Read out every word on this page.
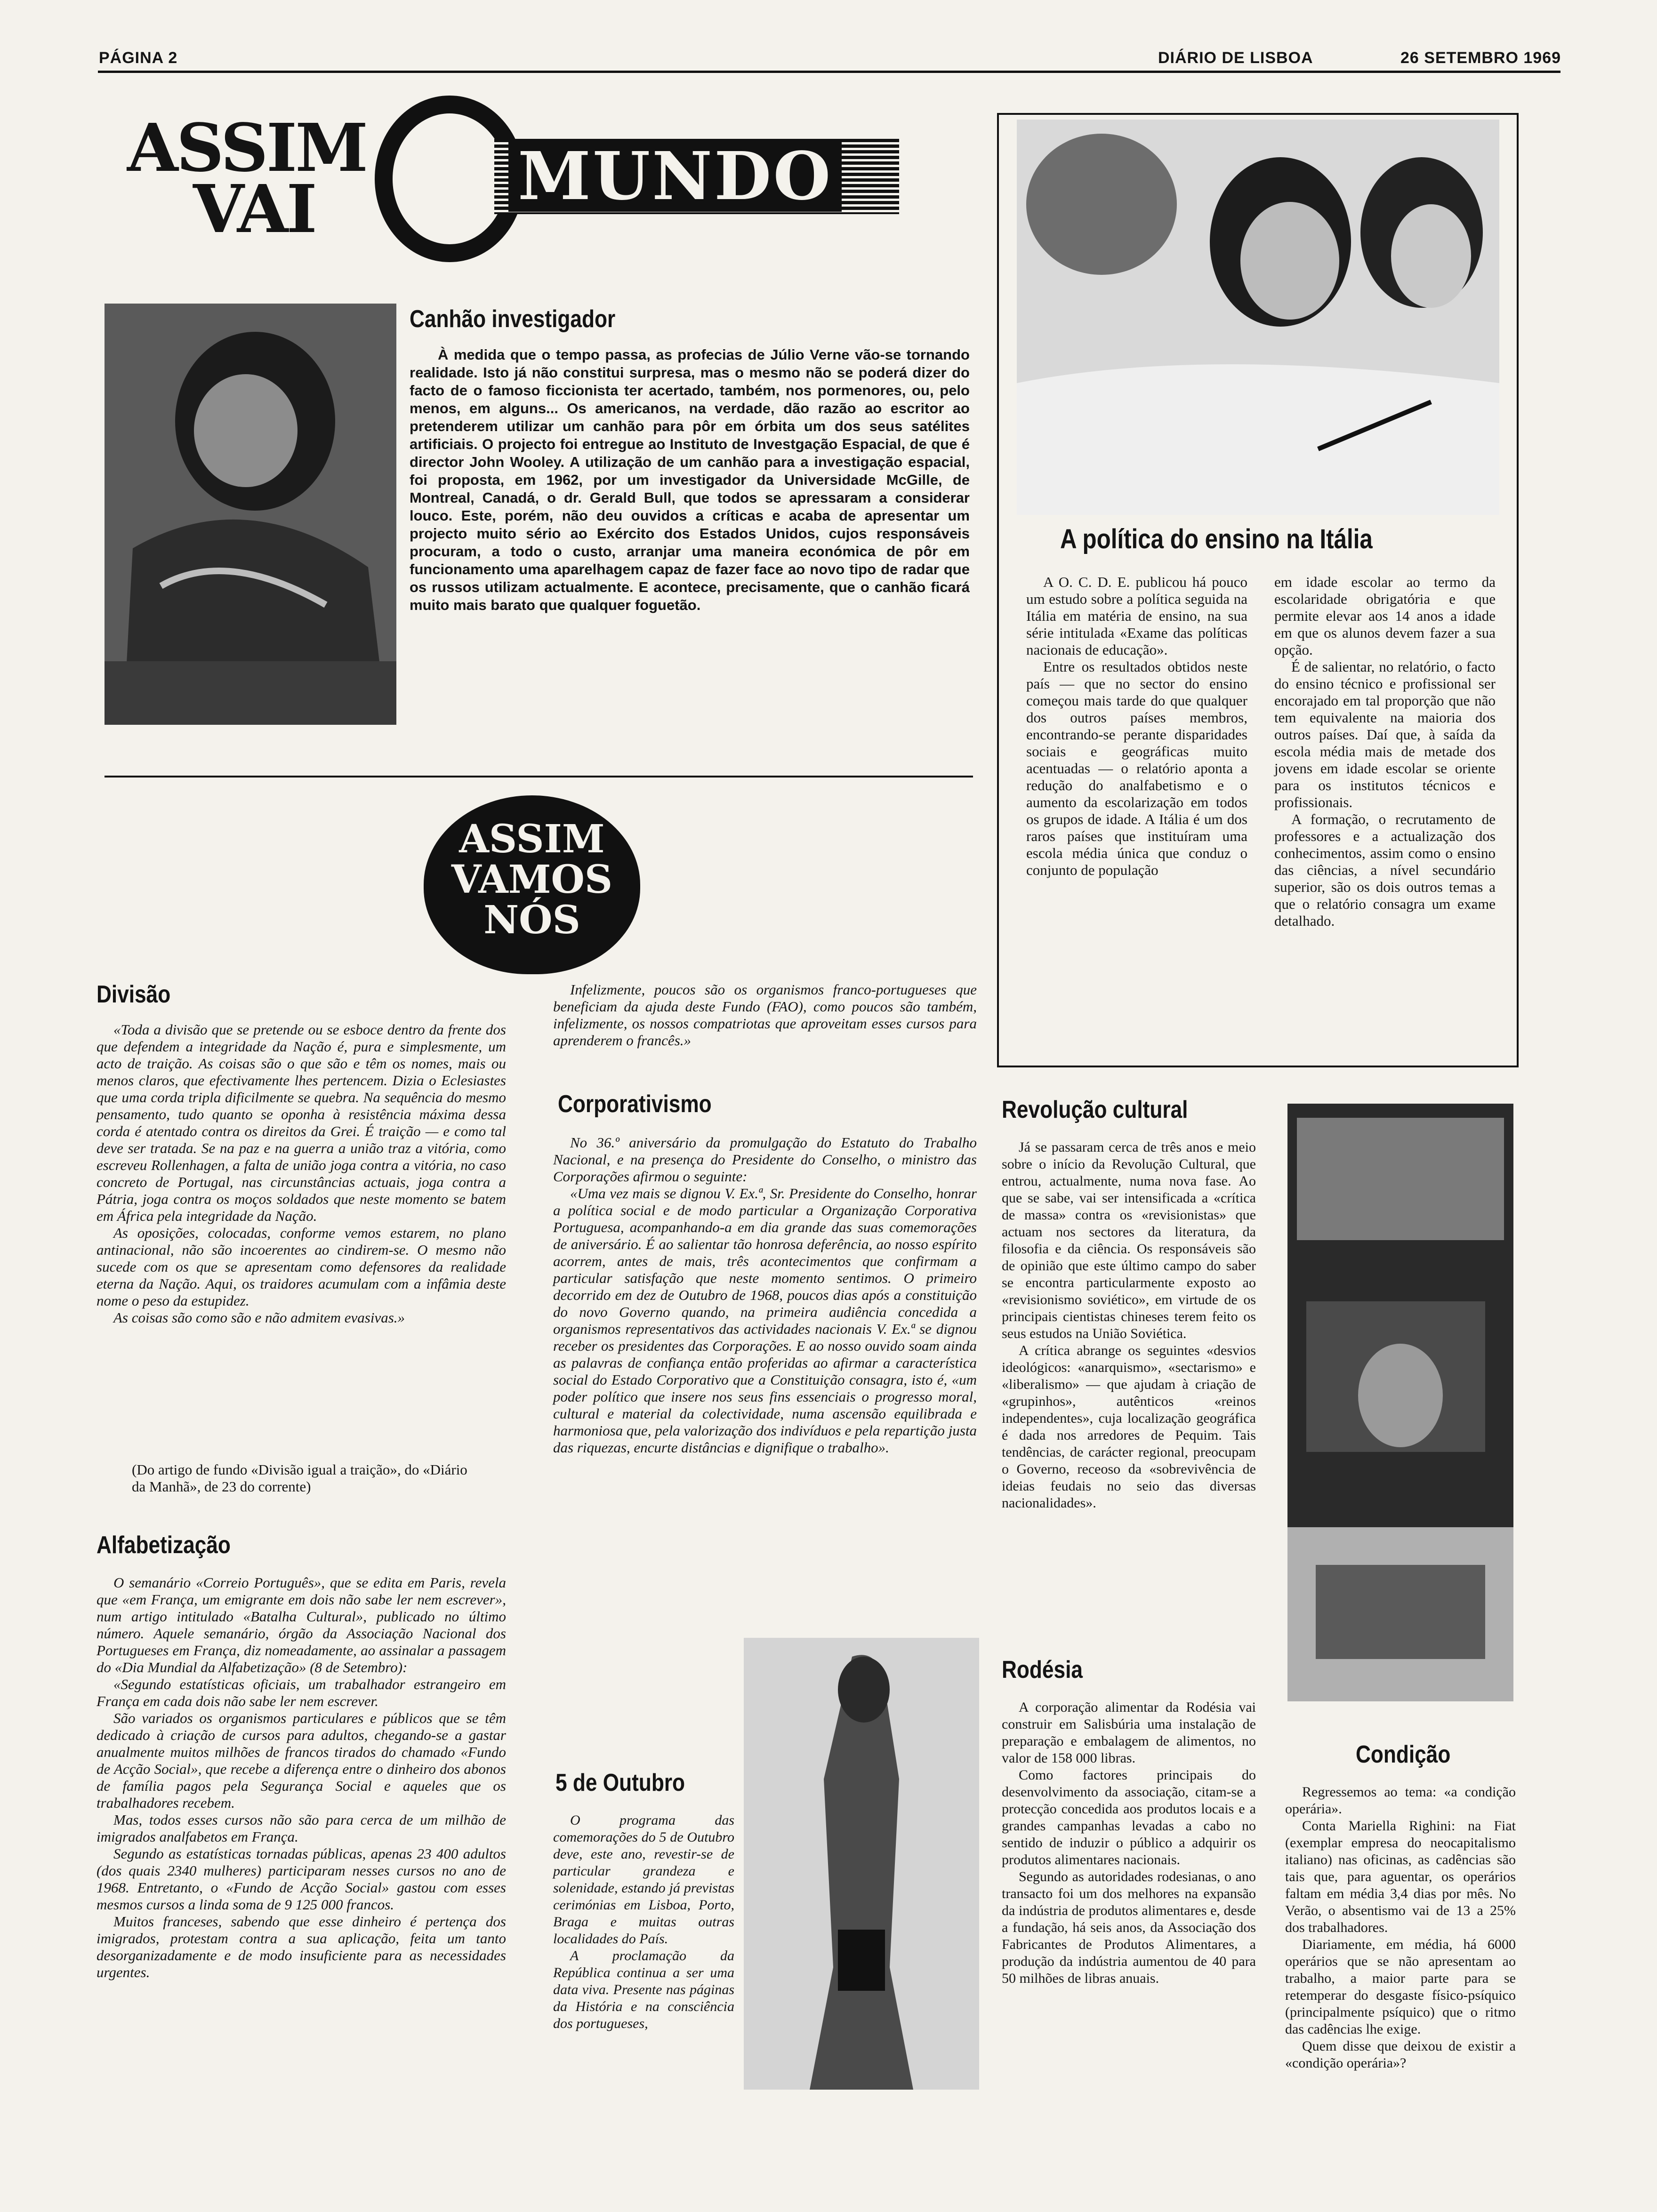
PÁGINA 2	DIÁRIO DE LISBOA	26 SETEMBRO 1969
ASSIM
VAI	MUNDO
Canhão investigador

À medida que o tempo passa, as profecias de Júlio Verne vão-se tornando realidade. Isto já não constitui surpresa, mas o mesmo não se poderá dizer do facto de o famoso ficcionista ter acertado, também, nos pormenores, ou, pelo menos, em alguns... Os americanos, na verdade, dão razão ao escritor ao pretenderem utilizar um canhão para pôr em órbita um dos seus satélites artificiais. O projecto foi entregue ao Instituto de Investgação Espacial, de que é director John Wooley. A utilização de um canhão para a investigação espacial, foi proposta, em 1962, por um investigador da Universidade McGille, de Montreal, Canadá, o dr. Gerald Bull, que todos se apressaram a considerar louco. Este, porém, não deu ouvidos a críticas e acaba de apresentar um projecto muito sério ao Exército dos Estados Unidos, cujos responsáveis procuram, a todo o custo, arranjar uma maneira económica de pôr em funcionamento uma aparelhagem capaz de fazer face ao novo tipo de radar que os russos utilizam actualmente. E acontece, precisamente, que o canhão ficará muito mais barato que qualquer foguetão.

ASSIM
VAMOS
NÓS
A política do ensino na Itália

A O. C. D. E. publicou há pouco um estudo sobre a política seguida na Itália em matéria de ensino, na sua série intitulada «Exame das políticas nacionais de educação».

Entre os resultados obtidos neste país — que no sector do ensino começou mais tarde do que qualquer dos outros países membros, encontrando-se perante disparidades sociais e geográficas muito acentuadas — o relatório aponta a redução do analfabetismo e o aumento da escolarização em todos os grupos de idade. A Itália é um dos raros países que instituíram uma escola média única que conduz o conjunto de população

em idade escolar ao termo da escolaridade obrigatória e que permite elevar aos 14 anos a idade em que os alunos devem fazer a sua opção.

É de salientar, no relatório, o facto do ensino técnico e profissional ser encorajado em tal proporção que não tem equivalente na maioria dos outros países. Daí que, à saída da escola média mais de metade dos jovens em idade escolar se oriente para os institutos técnicos e profissionais.

A formação, o recrutamento de professores e a actualização dos conhecimentos, assim como o ensino das ciências, a nível secundário superior, são os dois outros temas a que o relatório consagra um exame detalhado.

Divisão

«Toda a divisão que se pretende ou se esboce dentro da frente dos que defendem a integridade da Nação é, pura e simplesmente, um acto de traição. As coisas são o que são e têm os nomes, mais ou menos claros, que efectivamente lhes pertencem. Dizia o Eclesiastes que uma corda tripla dificilmente se quebra. Na sequência do mesmo pensamento, tudo quanto se oponha à resistência máxima dessa corda é atentado contra os direitos da Grei. É traição — e como tal deve ser tratada. Se na paz e na guerra a união traz a vitória, como escreveu Rollenhagen, a falta de união joga contra a vitória, no caso concreto de Portugal, nas circunstâncias actuais, joga contra a Pátria, joga contra os moços soldados que neste momento se batem em África pela integridade da Nação.

As oposições, colocadas, conforme vemos estarem, no plano antinacional, não são incoerentes ao cindirem-se. O mesmo não sucede com os que se apresentam como defensores da realidade eterna da Nação. Aqui, os traidores acumulam com a infâmia deste nome o peso da estupidez.

As coisas são como são e não admitem evasivas.»

(Do artigo de fundo «Divisão igual a traição», do «Diário da Manhã», de 23 do corrente)
Alfabetização

O semanário «Correio Português», que se edita em Paris, revela que «em França, um emigrante em dois não sabe ler nem escrever», num artigo intitulado «Batalha Cultural», publicado no último número. Aquele semanário, órgão da Associação Nacional dos Portugueses em França, diz nomeadamente, ao assinalar a passagem do «Dia Mundial da Alfabetização» (8 de Setembro):

«Segundo estatísticas oficiais, um trabalhador estrangeiro em França em cada dois não sabe ler nem escrever.

São variados os organismos particulares e públicos que se têm dedicado à criação de cursos para adultos, chegando-se a gastar anualmente muitos milhões de francos tirados do chamado «Fundo de Acção Social», que recebe a diferença entre o dinheiro dos abonos de família pagos pela Segurança Social e aqueles que os trabalhadores recebem.

Mas, todos esses cursos não são para cerca de um milhão de imigrados analfabetos em França.

Segundo as estatísticas tornadas públicas, apenas 23 400 adultos (dos quais 2340 mulheres) participaram nesses cursos no ano de 1968. Entretanto, o «Fundo de Acção Social» gastou com esses mesmos cursos a linda soma de 9 125 000 francos.

Muitos franceses, sabendo que esse dinheiro é pertença dos imigrados, protestam contra a sua aplicação, feita um tanto desorganizadamente e de modo insuficiente para as necessidades urgentes.

Infelizmente, poucos são os organismos franco-portugueses que beneficiam da ajuda deste Fundo (FAO), como poucos são também, infelizmente, os nossos compatriotas que aproveitam esses cursos para aprenderem o francês.»

Corporativismo

No 36.º aniversário da promulgação do Estatuto do Trabalho Nacional, e na presença do Presidente do Conselho, o ministro das Corporações afirmou o seguinte:

«Uma vez mais se dignou V. Ex.ª, Sr. Presidente do Conselho, honrar a política social e de modo particular a Organização Corporativa Portuguesa, acompanhando-a em dia grande das suas comemorações de aniversário. É ao salientar tão honrosa deferência, ao nosso espírito acorrem, antes de mais, três acontecimentos que confirmam a particular satisfação que neste momento sentimos. O primeiro decorrido em dez de Outubro de 1968, poucos dias após a constituição do novo Governo quando, na primeira audiência concedida a organismos representativos das actividades nacionais V. Ex.ª se dignou receber os presidentes das Corporações. E ao nosso ouvido soam ainda as palavras de confiança então proferidas ao afirmar a característica social do Estado Corporativo que a Constituição consagra, isto é, «um poder político que insere nos seus fins essenciais o progresso moral, cultural e material da colectividade, numa ascensão equilibrada e harmoniosa que, pela valorização dos indivíduos e pela repartição justa das riquezas, encurte distâncias e dignifique o trabalho».

5 de Outubro

O programa das comemorações do 5 de Outubro deve, este ano, revestir-se de particular grandeza e solenidade, estando já previstas cerimónias em Lisboa, Porto, Braga e muitas outras localidades do País.

A proclamação da República continua a ser uma data viva. Presente nas páginas da História e na consciência dos portugueses,

Revolução cultural

Já se passaram cerca de três anos e meio sobre o início da Revolução Cultural, que entrou, actualmente, numa nova fase. Ao que se sabe, vai ser intensificada a «crítica de massa» contra os «revisionistas» que actuam nos sectores da literatura, da filosofia e da ciência. Os responsáveis são de opinião que este último campo do saber se encontra particularmente exposto ao «revisionismo soviético», em virtude de os principais cientistas chineses terem feito os seus estudos na União Soviética.

A crítica abrange os seguintes «desvios ideológicos: «anarquismo», «sectarismo» e «liberalismo» — que ajudam à criação de «grupinhos», autênticos «reinos independentes», cuja localização geográfica é dada nos arredores de Pequim. Tais tendências, de carácter regional, preocupam o Governo, receoso da «sobrevivência de ideias feudais no seio das diversas nacionalidades».

Rodésia

A corporação alimentar da Rodésia vai construir em Salisbúria uma instalação de preparação e embalagem de alimentos, no valor de 158 000 libras.

Como factores principais do desenvolvimento da associação, citam-se a protecção concedida aos produtos locais e a grandes campanhas levadas a cabo no sentido de induzir o público a adquirir os produtos alimentares nacionais.

Segundo as autoridades rodesianas, o ano transacto foi um dos melhores na expansão da indústria de produtos alimentares e, desde a fundação, há seis anos, da Associação dos Fabricantes de Produtos Alimentares, a produção da indústria aumentou de 40 para 50 milhões de libras anuais.

Condição

Regressemos ao tema: «a condição operária».

Conta Mariella Righini: na Fiat (exemplar empresa do neocapitalismo italiano) nas oficinas, as cadências são tais que, para aguentar, os operários faltam em média 3,4 dias por mês. No Verão, o absentismo vai de 13 a 25% dos trabalhadores.

Diariamente, em média, há 6000 operários que se não apresentam ao trabalho, a maior parte para se retemperar do desgaste físico-psíquico (principalmente psíquico) que o ritmo das cadências lhe exige.

Quem disse que deixou de existir a «condição operária»?
